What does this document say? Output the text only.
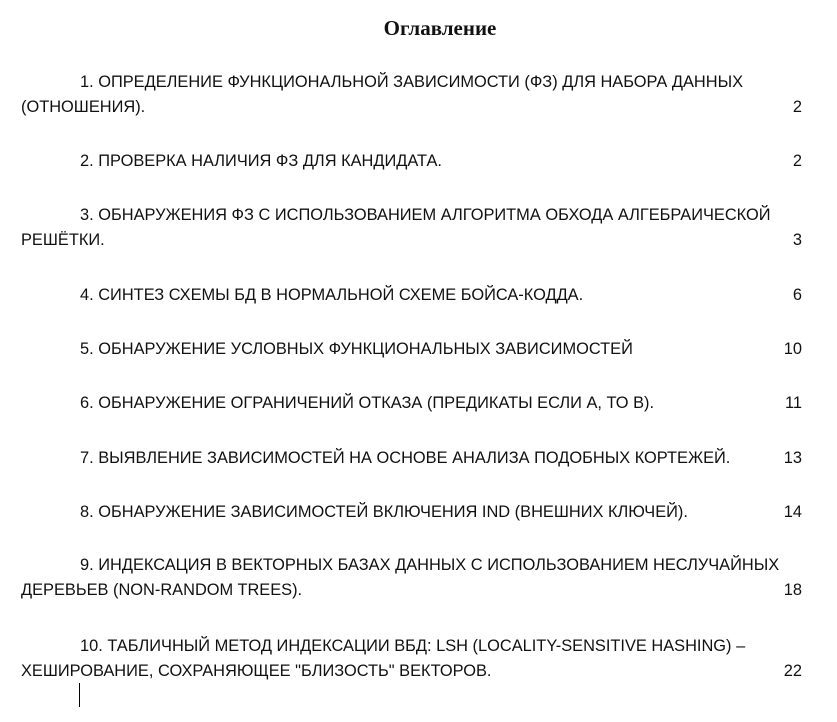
Оглавление
1. ОПРЕДЕЛЕНИЕ ФУНКЦИОНАЛЬНОЙ ЗАВИСИМОСТИ (ФЗ) ДЛЯ НАБОРА ДАННЫХ
(ОТНОШЕНИЯ).	2
2. ПРОВЕРКА НАЛИЧИЯ ФЗ ДЛЯ КАНДИДАТА.	2
3. ОБНАРУЖЕНИЯ ФЗ С ИСПОЛЬЗОВАНИЕМ АЛГОРИТМА ОБХОДА АЛГЕБРАИЧЕСКОЙ
РЕШЁТКИ.	3
4. СИНТЕЗ СХЕМЫ БД В НОРМАЛЬНОЙ СХЕМЕ БОЙСА-КОДДА.	6
5. ОБНАРУЖЕНИЕ УСЛОВНЫХ ФУНКЦИОНАЛЬНЫХ ЗАВИСИМОСТЕЙ	10
6. ОБНАРУЖЕНИЕ ОГРАНИЧЕНИЙ ОТКАЗА (ПРЕДИКАТЫ ЕСЛИ А, ТО В).	11
7. ВЫЯВЛЕНИЕ ЗАВИСИМОСТЕЙ НА ОСНОВЕ АНАЛИЗА ПОДОБНЫХ КОРТЕЖЕЙ.	13
8. ОБНАРУЖЕНИЕ ЗАВИСИМОСТЕЙ ВКЛЮЧЕНИЯ IND (ВНЕШНИХ КЛЮЧЕЙ).	14
9. ИНДЕКСАЦИЯ В ВЕКТОРНЫХ БАЗАХ ДАННЫХ С ИСПОЛЬЗОВАНИЕМ НЕСЛУЧАЙНЫХ
ДЕРЕВЬЕВ (NON-RANDOM TREES).	18
10. ТАБЛИЧНЫЙ МЕТОД ИНДЕКСАЦИИ ВБД: LSH (LOCALITY-SENSITIVE HASHING) –
ХЕШИРОВАНИЕ, СОХРАНЯЮЩЕЕ "БЛИЗОСТЬ" ВЕКТОРОВ.	22
